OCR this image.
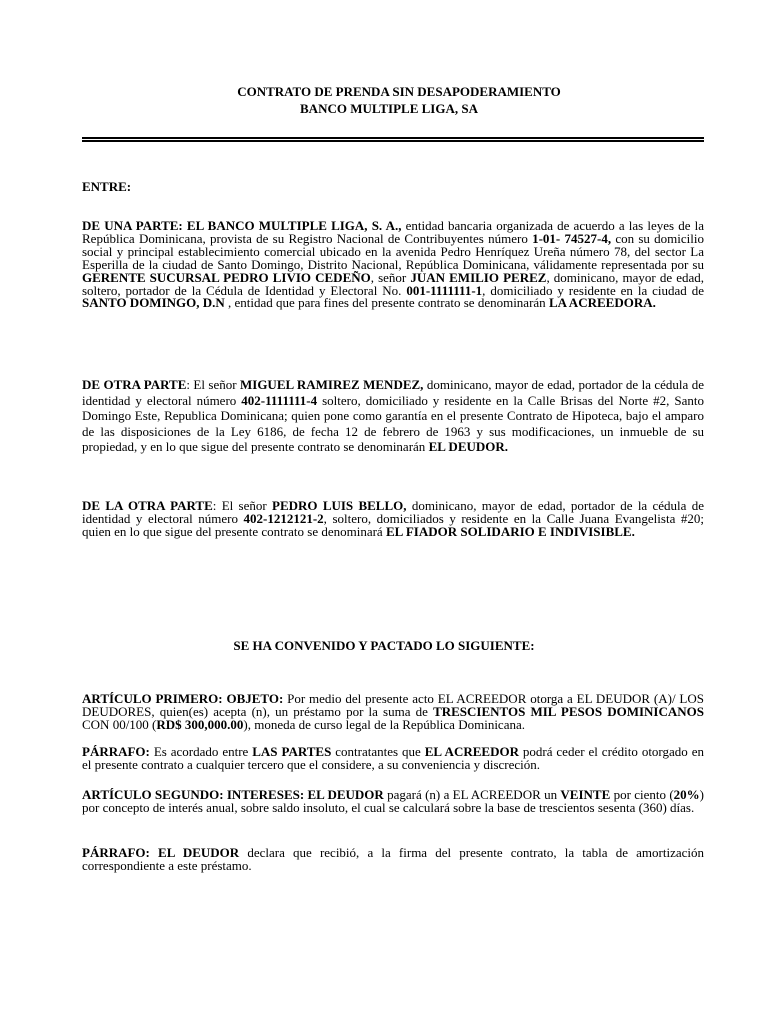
CONTRATO DE PRENDA SIN DESAPODERAMIENTO
BANCO MULTIPLE LIGA, SA
ENTRE:
DE UNA PARTE: EL BANCO MULTIPLE LIGA, S. A., entidad bancaria organizada de acuerdo a las leyes de la República Dominicana, provista de su Registro Nacional de Contribuyentes número 1-01- 74527-4, con su domicilio social y principal establecimiento comercial ubicado en la avenida Pedro Henríquez Ureña número 78, del sector La Esperilla de la ciudad de Santo Domingo, Distrito Nacional, República Dominicana, válidamente representada por su GERENTE SUCURSAL PEDRO LIVIO CEDEÑO, señor JUAN EMILIO PEREZ, dominicano, mayor de edad, soltero, portador de la Cédula de Identidad y Electoral No. 001-1111111-1, domiciliado y residente en la ciudad de SANTO DOMINGO, D.N , entidad que para fines del presente contrato se denominarán LA ACREEDORA.
DE OTRA PARTE: El señor MIGUEL RAMIREZ MENDEZ, dominicano, mayor de edad, portador de la cédula de identidad y electoral número 402-1111111-4 soltero, domiciliado y residente en la Calle Brisas del Norte #2, Santo Domingo Este, Republica Dominicana; quien pone como garantía en el presente Contrato de Hipoteca, bajo el amparo de las disposiciones de la Ley 6186, de fecha 12 de febrero de 1963 y sus modificaciones, un inmueble de su propiedad, y en lo que sigue del presente contrato se denominarán EL DEUDOR.
DE LA OTRA PARTE: El señor PEDRO LUIS BELLO, dominicano, mayor de edad, portador de la cédula de identidad y electoral número 402-1212121-2, soltero, domiciliados y residente en la Calle Juana Evangelista #20; quien en lo que sigue del presente contrato se denominará EL FIADOR SOLIDARIO E INDIVISIBLE.
SE HA CONVENIDO Y PACTADO LO SIGUIENTE:
ARTÍCULO PRIMERO: OBJETO: Por medio del presente acto EL ACREEDOR otorga a EL DEUDOR (A)/ LOS DEUDORES, quien(es) acepta (n), un préstamo por la suma de TRESCIENTOS MIL PESOS DOMINICANOS CON 00/100 (RD$ 300,000.00), moneda de curso legal de la República Dominicana.
PÁRRAFO: Es acordado entre LAS PARTES contratantes que EL ACREEDOR podrá ceder el crédito otorgado en el presente contrato a cualquier tercero que el considere, a su conveniencia y discreción.
ARTÍCULO SEGUNDO: INTERESES: EL DEUDOR pagará (n) a EL ACREEDOR un VEINTE por ciento (20%) por concepto de interés anual, sobre saldo insoluto, el cual se calculará sobre la base de trescientos sesenta (360) días.
PÁRRAFO: EL DEUDOR declara que recibió, a la firma del presente contrato, la tabla de amortización correspondiente a este préstamo.
